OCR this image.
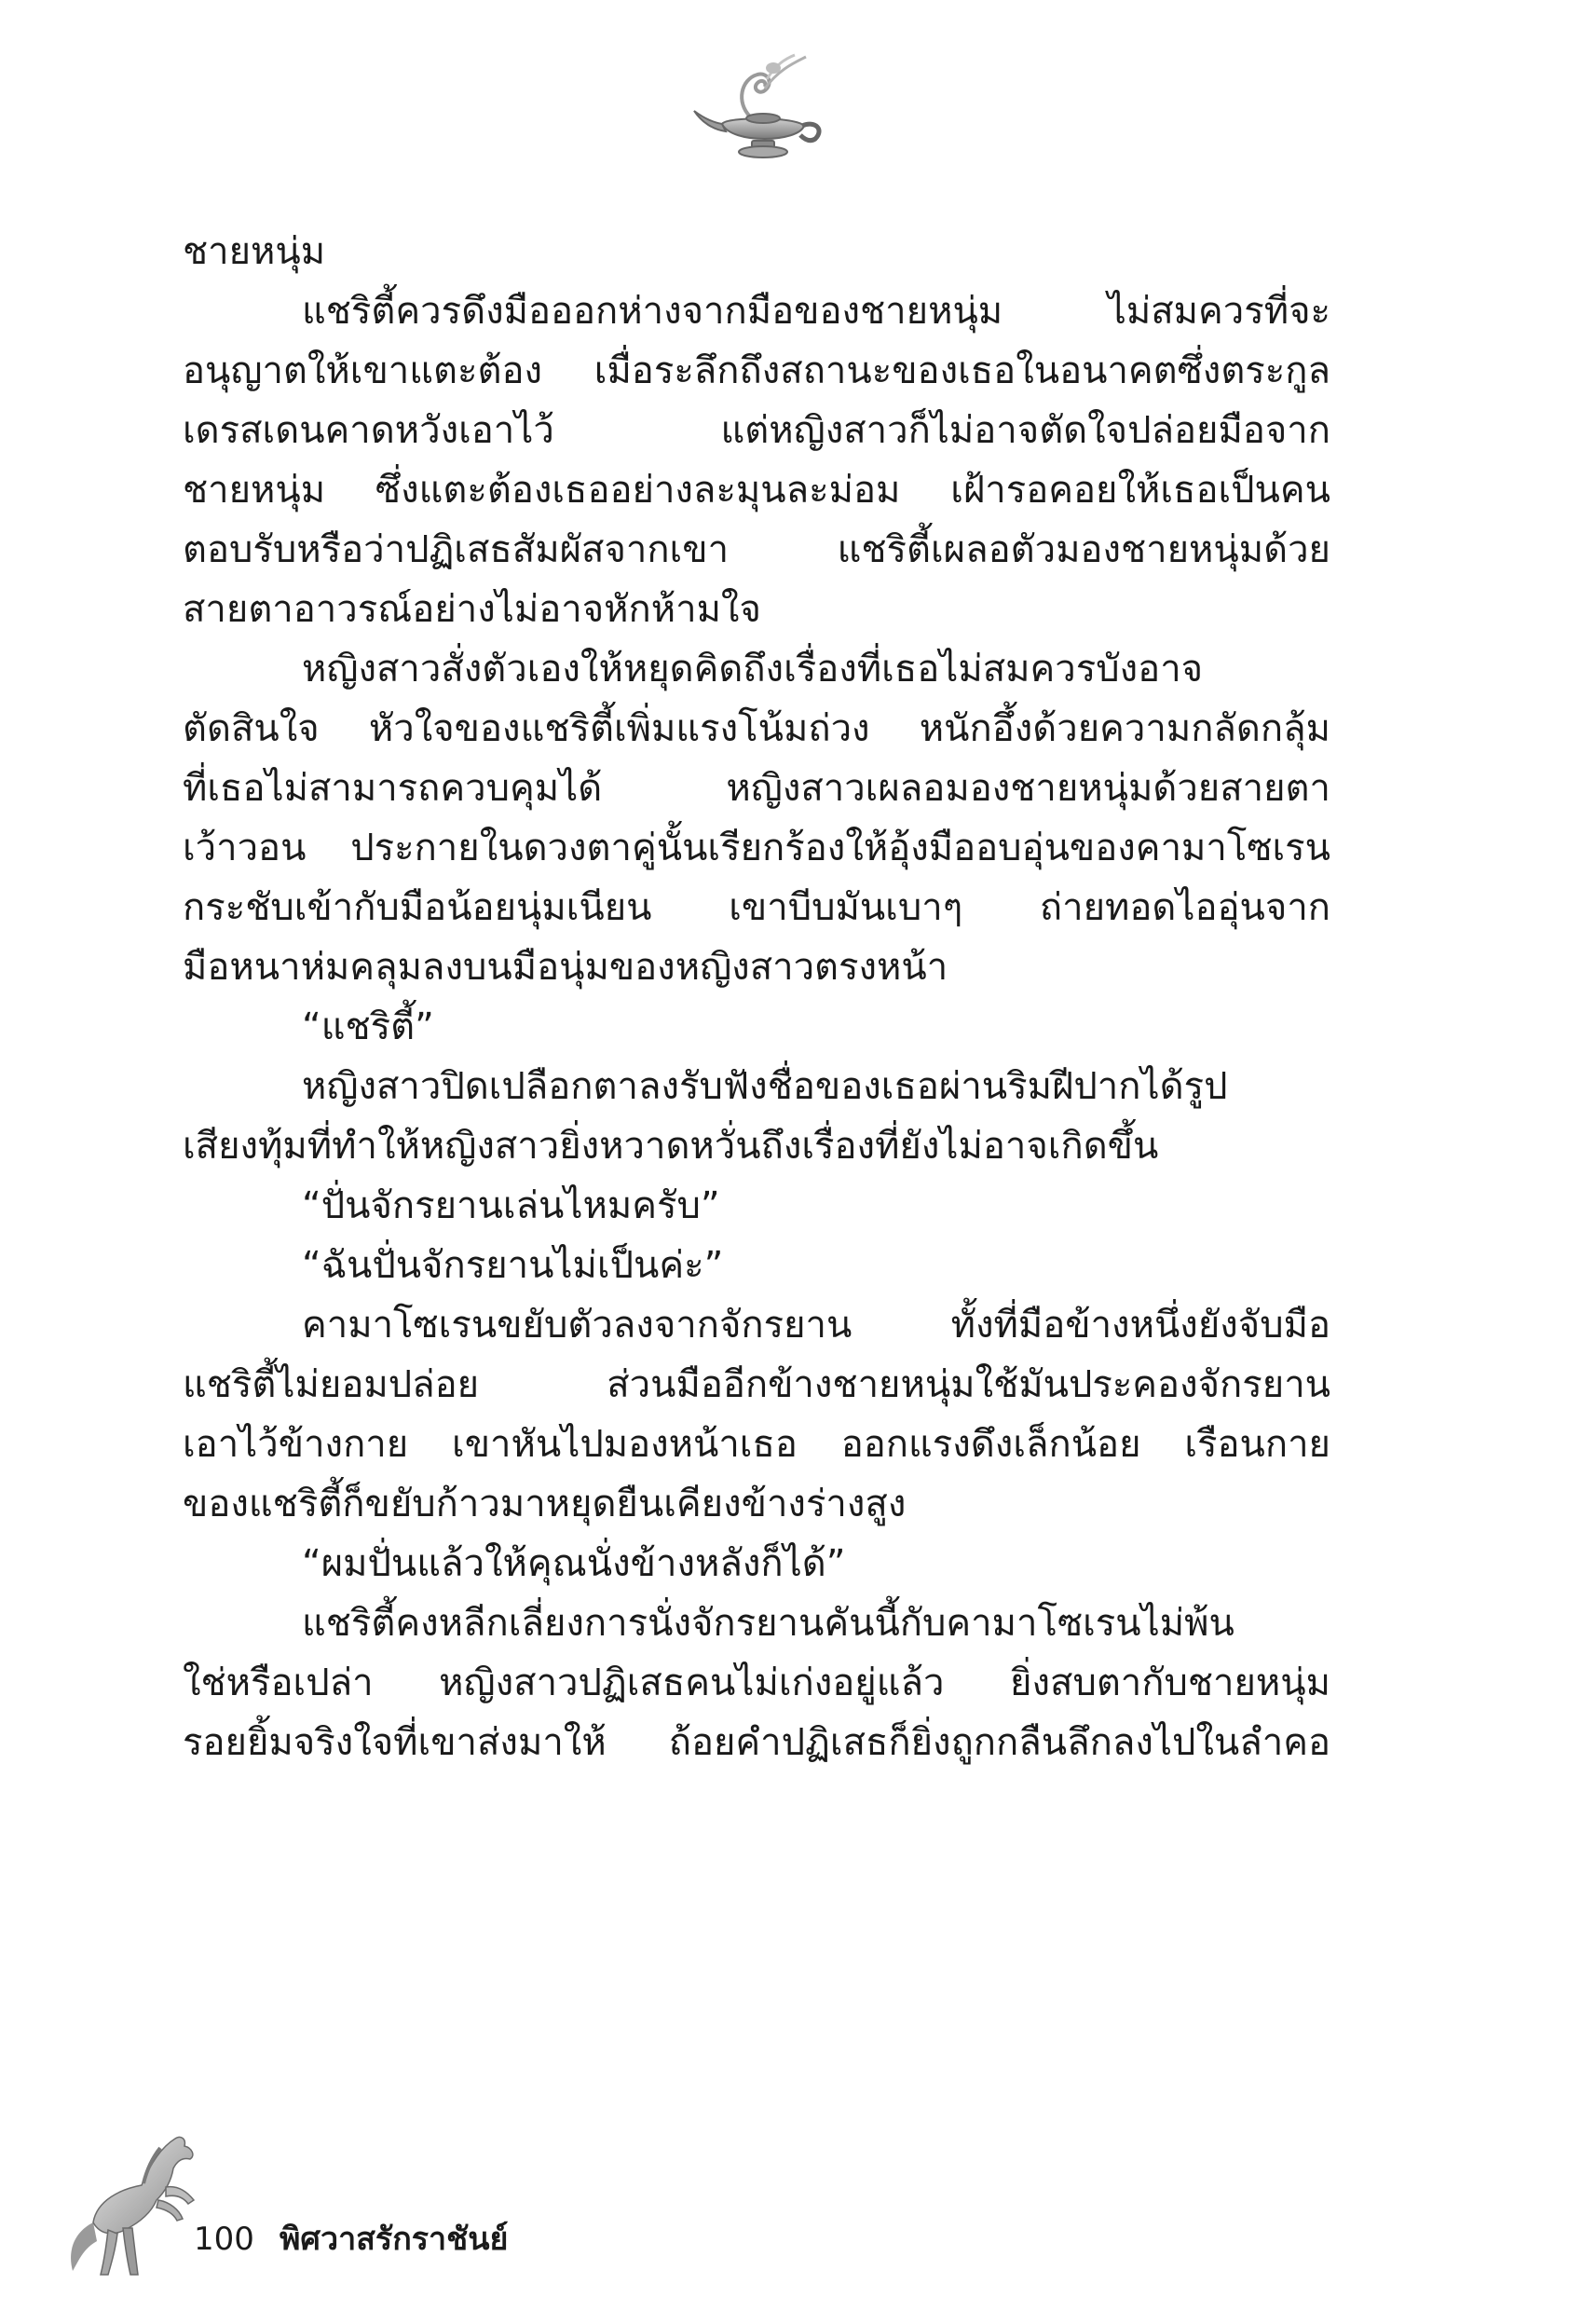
ชายหนุ่ม
แชริตี้ควรดึงมือออกห่างจากมือของชายหนุ่ม ไม่สมควรที่จะ
อนุญาตให้เขาแตะต้อง เมื่อระลึกถึงสถานะของเธอในอนาคตซึ่งตระกูล
เดรสเดนคาดหวังเอาไว้ แต่หญิงสาวก็ไม่อาจตัดใจปล่อยมือจาก
ชายหนุ่ม ซึ่งแตะต้องเธออย่างละมุนละม่อม เฝ้ารอคอยให้เธอเป็นคน
ตอบรับหรือว่าปฏิเสธสัมผัสจากเขา แชริตี้เผลอตัวมองชายหนุ่มด้วย
สายตาอาวรณ์อย่างไม่อาจหักห้ามใจ
หญิงสาวสั่งตัวเองให้หยุดคิดถึงเรื่องที่เธอไม่สมควรบังอาจ
ตัดสินใจ หัวใจของแชริตี้เพิ่มแรงโน้มถ่วง หนักอึ้งด้วยความกลัดกลุ้ม
ที่เธอไม่สามารถควบคุมได้ หญิงสาวเผลอมองชายหนุ่มด้วยสายตา
เว้าวอน ประกายในดวงตาคู่นั้นเรียกร้องให้อุ้งมืออบอุ่นของคามาโซเรน
กระชับเข้ากับมือน้อยนุ่มเนียน เขาบีบมันเบาๆ ถ่ายทอดไออุ่นจาก
มือหนาห่มคลุมลงบนมือนุ่มของหญิงสาวตรงหน้า
“แชริตี้”
หญิงสาวปิดเปลือกตาลงรับฟังชื่อของเธอผ่านริมฝีปากได้รูป
เสียงทุ้มที่ทำให้หญิงสาวยิ่งหวาดหวั่นถึงเรื่องที่ยังไม่อาจเกิดขึ้น
“ปั่นจักรยานเล่นไหมครับ”
“ฉันปั่นจักรยานไม่เป็นค่ะ”
คามาโซเรนขยับตัวลงจากจักรยาน ทั้งที่มือข้างหนึ่งยังจับมือ
แชริตี้ไม่ยอมปล่อย ส่วนมืออีกข้างชายหนุ่มใช้มันประคองจักรยาน
เอาไว้ข้างกาย เขาหันไปมองหน้าเธอ ออกแรงดึงเล็กน้อย เรือนกาย
ของแชริตี้ก็ขยับก้าวมาหยุดยืนเคียงข้างร่างสูง
“ผมปั่นแล้วให้คุณนั่งข้างหลังก็ได้”
แชริตี้คงหลีกเลี่ยงการนั่งจักรยานคันนี้กับคามาโซเรนไม่พ้น
ใช่หรือเปล่า หญิงสาวปฏิเสธคนไม่เก่งอยู่แล้ว ยิ่งสบตากับชายหนุ่ม
รอยยิ้มจริงใจที่เขาส่งมาให้ ถ้อยคำปฏิเสธก็ยิ่งถูกกลืนลึกลงไปในลำคอ
100 พิศวาสรักราชันย์
